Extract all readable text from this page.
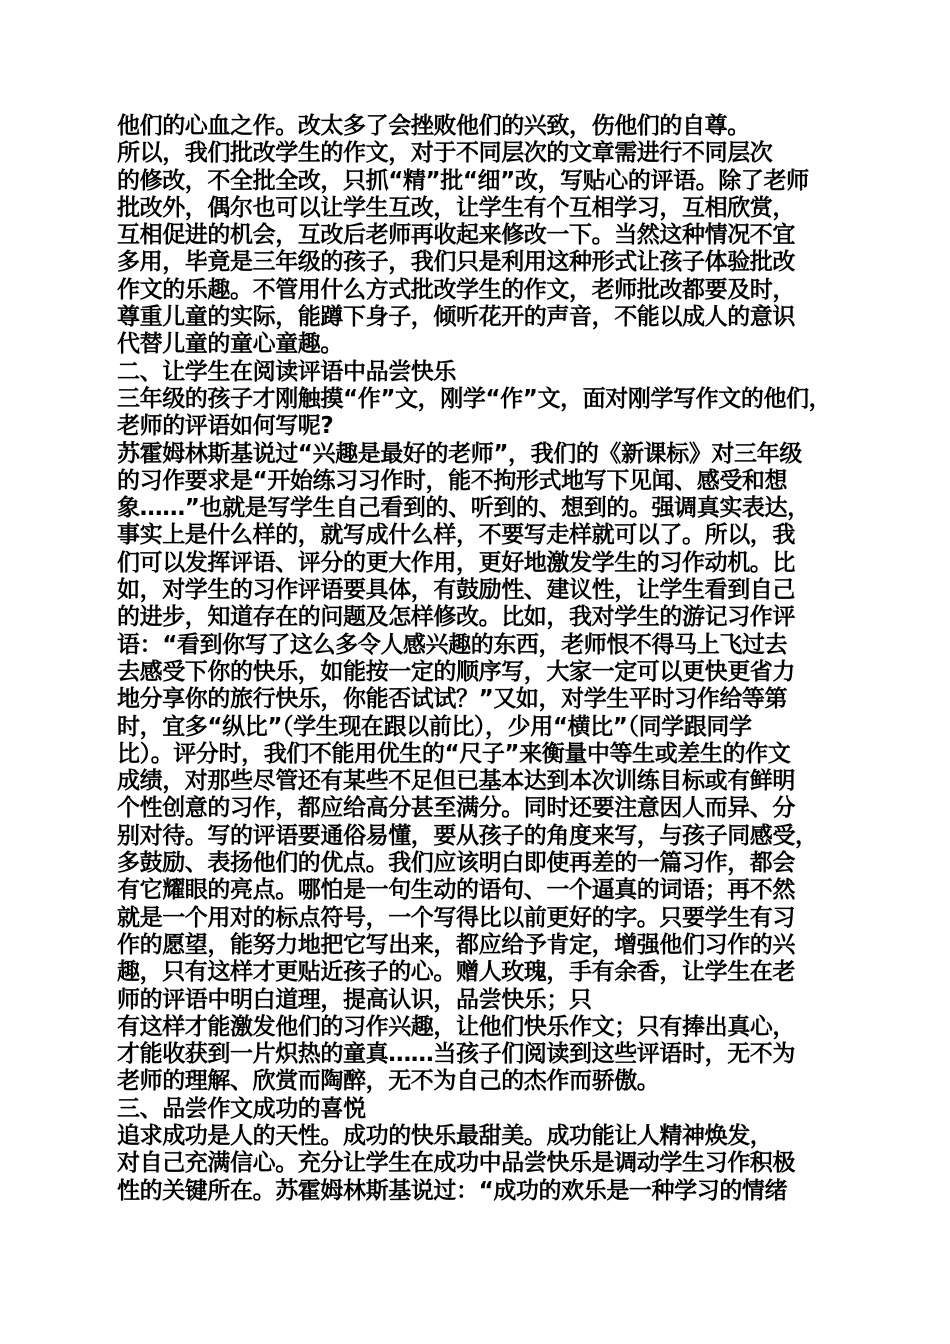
他们的心血之作。改太多了会挫败他们的兴致，伤他们的自尊。
所以，我们批改学生的作文，对于不同层次的文章需进行不同层次
的修改，不全批全改，只抓“精”批“细”改，写贴心的评语。除了老师
批改外，偶尔也可以让学生互改，让学生有个互相学习，互相欣赏，
互相促进的机会，互改后老师再收起来修改一下。当然这种情况不宜
多用，毕竟是三年级的孩子，我们只是利用这种形式让孩子体验批改
作文的乐趣。不管用什么方式批改学生的作文，老师批改都要及时，
尊重儿童的实际，能蹲下身子，倾听花开的声音，不能以成人的意识
代替儿童的童心童趣。
二、让学生在阅读评语中品尝快乐
三年级的孩子才刚触摸“作”文，刚学“作”文，面对刚学写作文的他们，
老师的评语如何写呢?
苏霍姆林斯基说过“兴趣是最好的老师”，我们的《新课标》对三年级
的习作要求是“开始练习习作时，能不拘形式地写下见闻、感受和想
象……”也就是写学生自己看到的、听到的、想到的。强调真实表达，
事实上是什么样的，就写成什么样，不要写走样就可以了。所以，我
们可以发挥评语、评分的更大作用，更好地激发学生的习作动机。比
如，对学生的习作评语要具体，有鼓励性、建议性，让学生看到自己
的进步，知道存在的问题及怎样修改。比如，我对学生的游记习作评
语：“看到你写了这么多令人感兴趣的东西，老师恨不得马上飞过去
去感受下你的快乐，如能按一定的顺序写，大家一定可以更快更省力
地分享你的旅行快乐，你能否试试？”又如，对学生平时习作给等第
时，宜多“纵比”（学生现在跟以前比），少用“横比”（同学跟同学
比）。评分时，我们不能用优生的“尺子”来衡量中等生或差生的作文
成绩，对那些尽管还有某些不足但已基本达到本次训练目标或有鲜明
个性创意的习作，都应给高分甚至满分。同时还要注意因人而异、分
别对待。写的评语要通俗易懂，要从孩子的角度来写，与孩子同感受，
多鼓励、表扬他们的优点。我们应该明白即使再差的一篇习作，都会
有它耀眼的亮点。哪怕是一句生动的语句、一个逼真的词语；再不然
就是一个用对的标点符号，一个写得比以前更好的字。只要学生有习
作的愿望，能努力地把它写出来，都应给予肯定，增强他们习作的兴
趣，只有这样才更贴近孩子的心。赠人玫瑰，手有余香，让学生在老
师的评语中明白道理，提高认识，品尝快乐；只
有这样才能激发他们的习作兴趣，让他们快乐作文；只有捧出真心，
才能收获到一片炽热的童真……当孩子们阅读到这些评语时，无不为
老师的理解、欣赏而陶醉，无不为自己的杰作而骄傲。
三、品尝作文成功的喜悦
追求成功是人的天性。成功的快乐最甜美。成功能让人精神焕发，
对自己充满信心。充分让学生在成功中品尝快乐是调动学生习作积极
性的关键所在。苏霍姆林斯基说过：“成功的欢乐是一种学习的情绪
